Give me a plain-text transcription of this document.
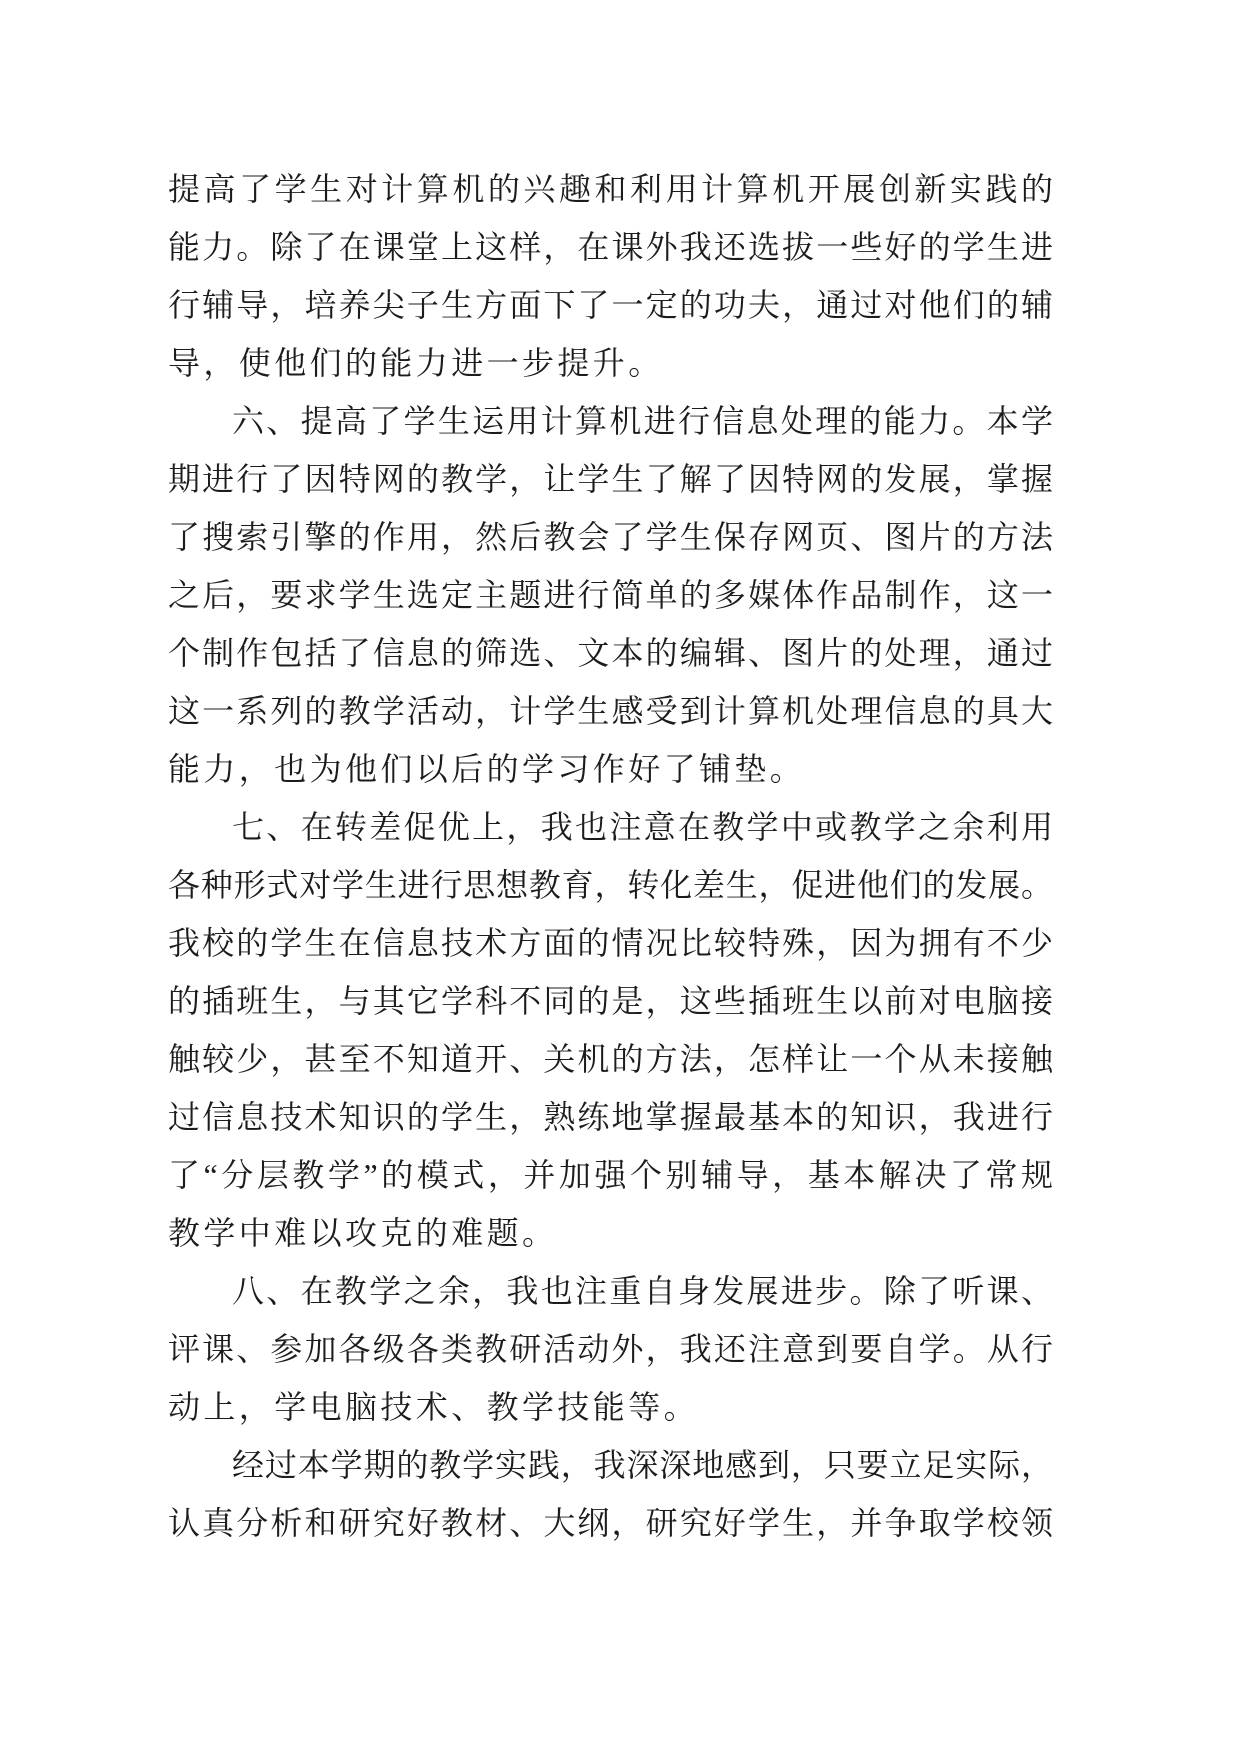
提高了学生对计算机的兴趣和利用计算机开展创新实践的
能力。除了在课堂上这样，在课外我还选拔一些好的学生进
行辅导，培养尖子生方面下了一定的功夫，通过对他们的辅
导，使他们的能力进一步提升。
六、提高了学生运用计算机进行信息处理的能力。本学
期进行了因特网的教学，让学生了解了因特网的发展，掌握
了搜索引擎的作用，然后教会了学生保存网页、图片的方法
之后，要求学生选定主题进行简单的多媒体作品制作，这一
个制作包括了信息的筛选、文本的编辑、图片的处理，通过
这一系列的教学活动，计学生感受到计算机处理信息的具大
能力，也为他们以后的学习作好了铺垫。
七、在转差促优上，我也注意在教学中或教学之余利用
各种形式对学生进行思想教育，转化差生，促进他们的发展。
我校的学生在信息技术方面的情况比较特殊，因为拥有不少
的插班生，与其它学科不同的是，这些插班生以前对电脑接
触较少，甚至不知道开、关机的方法，怎样让一个从未接触
过信息技术知识的学生，熟练地掌握最基本的知识，我进行
了“分层教学”的模式，并加强个别辅导，基本解决了常规
教学中难以攻克的难题。
八、在教学之余，我也注重自身发展进步。除了听课、
评课、参加各级各类教研活动外，我还注意到要自学。从行
动上，学电脑技术、教学技能等。
经过本学期的教学实践，我深深地感到，只要立足实际，
认真分析和研究好教材、大纲，研究好学生，并争取学校领
